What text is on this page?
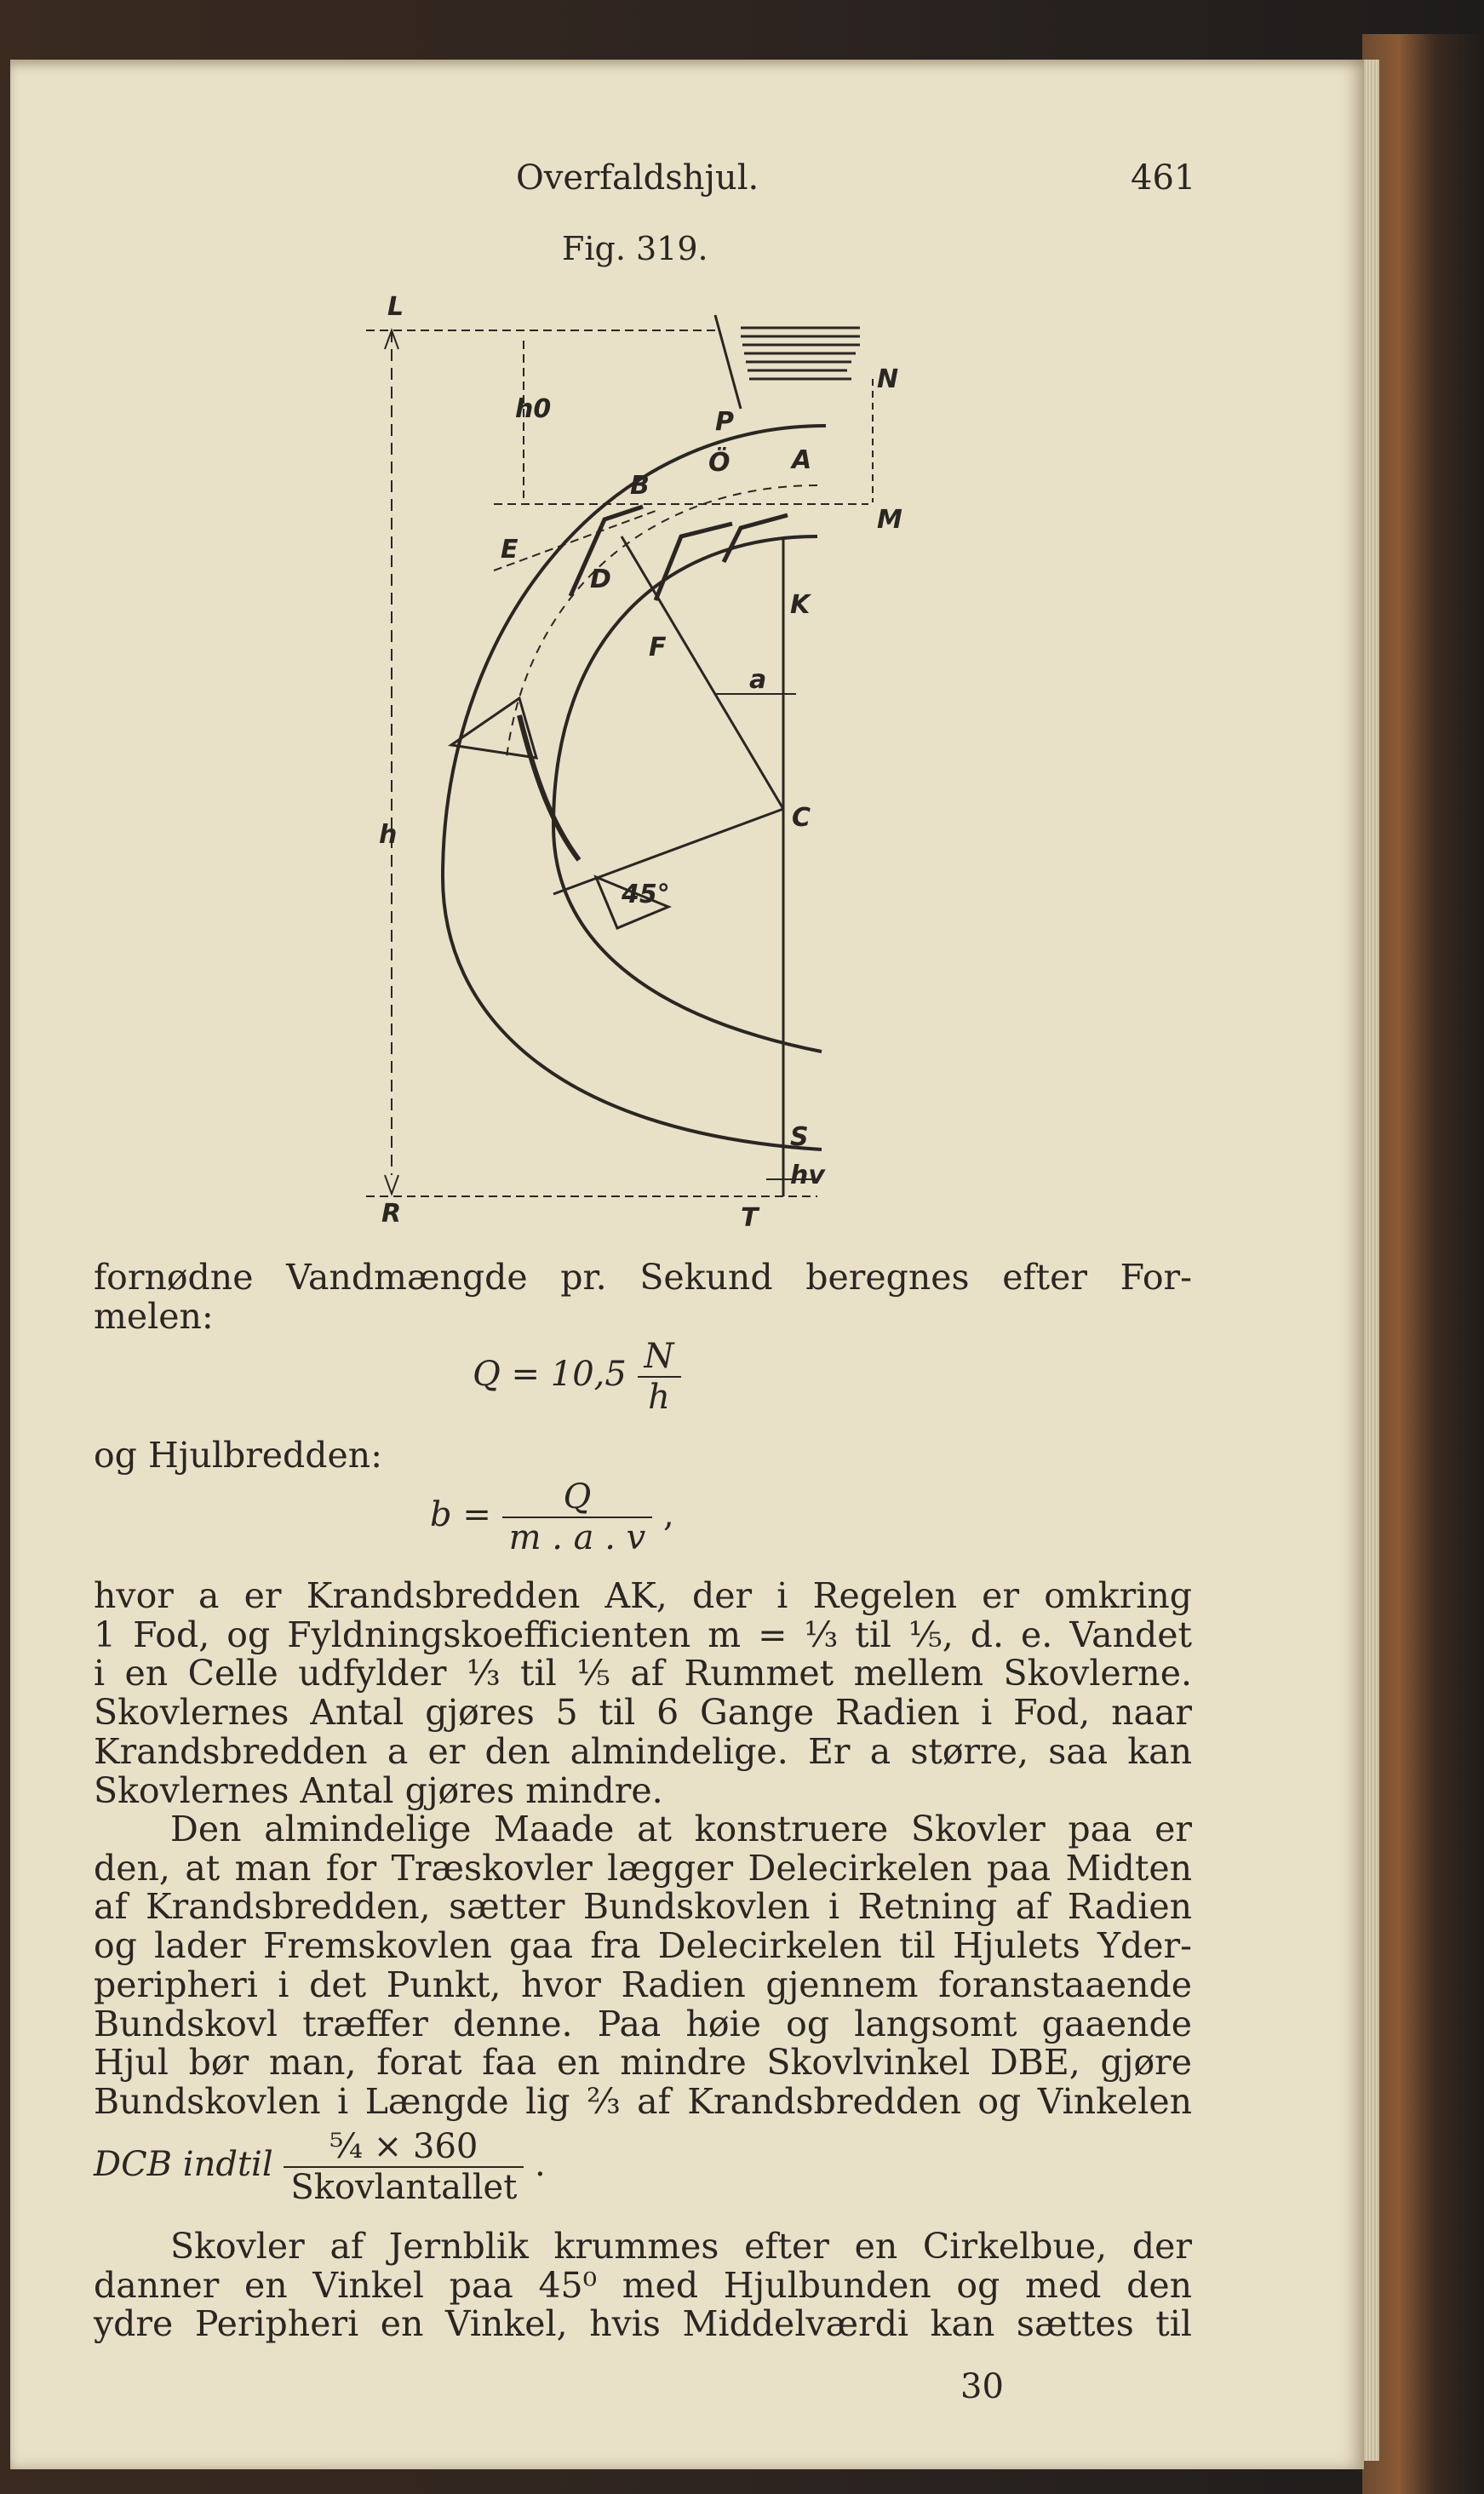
Overfaldshjul.	461
Fig. 319.
L
N
P
Ö A
M
h0
B
E
D
K
F
a
C
h
45°
S
hv
R	T
fornødne Vandmængde pr. Sekund beregnes efter For-
melen:
$Q = 10,5 \frac{N}{h}$
og Hjulbredden:
$b = \frac{Q}{m . a . v}$ ,
hvor a er Krandsbredden AK, der i Regelen er omkring
1 Fod, og Fyldningskoefficienten m = ⅓ til ⅕, d. e. Vandet
i en Celle udfylder ⅓ til ⅕ af Rummet mellem Skovlerne.
Skovlernes Antal gjøres 5 til 6 Gange Radien i Fod, naar
Krandsbredden a er den almindelige. Er a større, saa kan
Skovlernes Antal gjøres mindre.
Den almindelige Maade at konstruere Skovler paa er
den, at man for Træskovler lægger Delecirkelen paa Midten
af Krandsbredden, sætter Bundskovlen i Retning af Radien
og lader Fremskovlen gaa fra Delecirkelen til Hjulets Yder-
peripheri i det Punkt, hvor Radien gjennem foranstaaende
Bundskovl træffer denne. Paa høie og langsomt gaaende
Hjul bør man, forat faa en mindre Skovlvinkel DBE, gjøre
Bundskovlen i Længde lig ⅔ af Krandsbredden og Vinkelen
DCB indtil $\frac{\text{⁵⁄₄ × 360}}{\text{Skovlantallet}}$ .
Skovler af Jernblik krummes efter en Cirkelbue, der
danner en Vinkel paa 45⁰ med Hjulbunden og med den
ydre Peripheri en Vinkel, hvis Middelværdi kan sættes til
30
